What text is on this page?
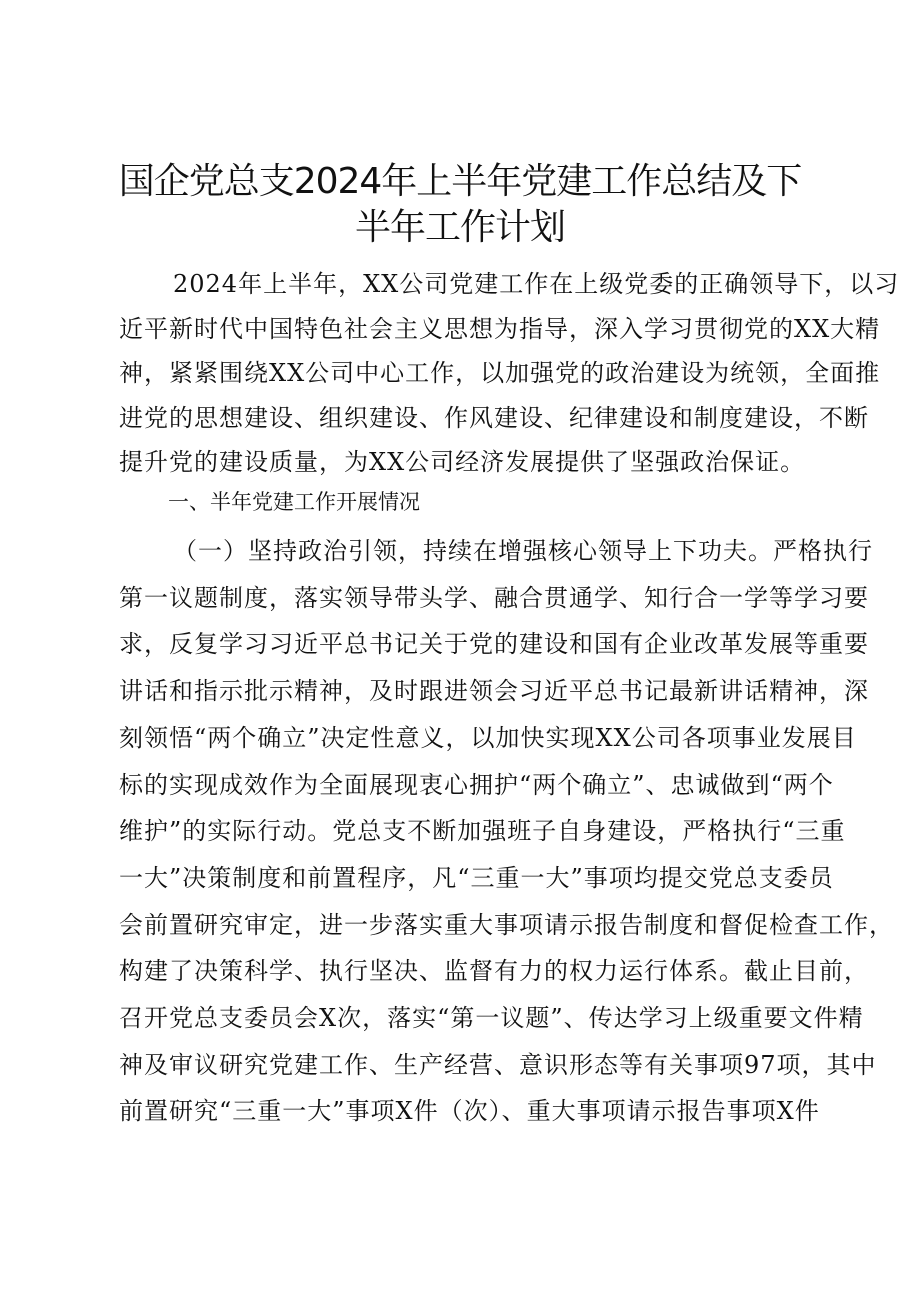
国企党总支2024年上半年党建工作总结及下
半年工作计划
2024年上半年，XX公司党建工作在上级党委的正确领导下，以习
近平新时代中国特色社会主义思想为指导，深入学习贯彻党的XX大精
神，紧紧围绕XX公司中心工作，以加强党的政治建设为统领，全面推
进党的思想建设、组织建设、作风建设、纪律建设和制度建设，不断
提升党的建设质量，为XX公司经济发展提供了坚强政治保证。
一、半年党建工作开展情况
（一）坚持政治引领，持续在增强核心领导上下功夫。严格执行
第一议题制度，落实领导带头学、融合贯通学、知行合一学等学习要
求，反复学习习近平总书记关于党的建设和国有企业改革发展等重要
讲话和指示批示精神，及时跟进领会习近平总书记最新讲话精神，深
刻领悟“两个确立”决定性意义，以加快实现XX公司各项事业发展目
标的实现成效作为全面展现衷心拥护“两个确立”、忠诚做到“两个
维护”的实际行动。党总支不断加强班子自身建设，严格执行“三重
一大”决策制度和前置程序，凡“三重一大”事项均提交党总支委员
会前置研究审定，进一步落实重大事项请示报告制度和督促检查工作，
构建了决策科学、执行坚决、监督有力的权力运行体系。截止目前，
召开党总支委员会X次，落实“第一议题”、传达学习上级重要文件精
神及审议研究党建工作、生产经营、意识形态等有关事项97项，其中
前置研究“三重一大”事项X件（次）、重大事项请示报告事项X件
